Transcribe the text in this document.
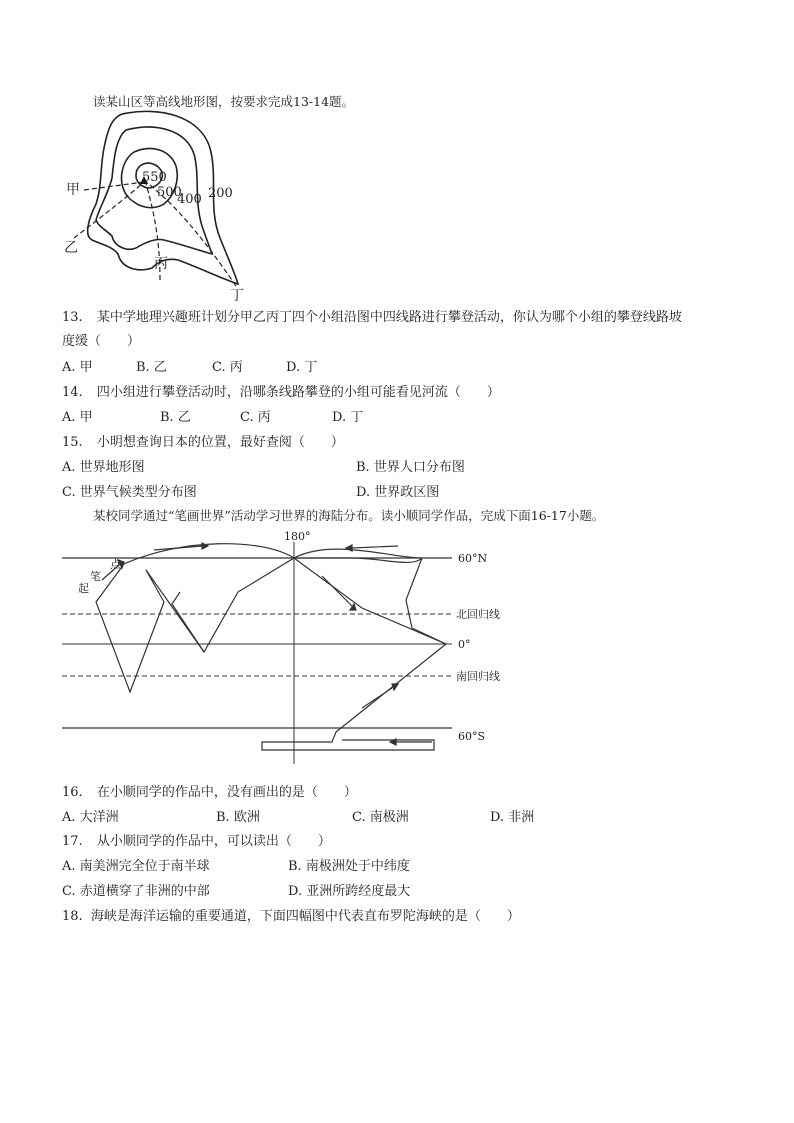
读某山区等高线地形图，按要求完成13-14题。
550
500
400 200
甲
乙
丙
丁
13. 某中学地理兴趣班计划分甲乙丙丁四个小组沿图中四线路进行攀登活动，你认为哪个小组的攀登线路坡
度缓（　　）
A. 甲	B. 乙	C. 丙	D. 丁
14. 四小组进行攀登活动时，沿哪条线路攀登的小组可能看见河流（　　）
A. 甲	B. 乙	C. 丙	D. 丁
15. 小明想查询日本的位置，最好查阅（　　）
A. 世界地形图	B. 世界人口分布图
C. 世界气候类型分布图	D. 世界政区图
某校同学通过“笔画世界”活动学习世界的海陆分布。读小顺同学作品，完成下面16-17小题。
180°
60°N
北回归线
0°
南回归线
60°S
点
笔
起
16. 在小顺同学的作品中，没有画出的是（　　）
A. 大洋洲	B. 欧洲	C. 南极洲	D. 非洲
17. 从小顺同学的作品中，可以读出（　　）
A. 南美洲完全位于南半球	B. 南极洲处于中纬度
C. 赤道横穿了非洲的中部	D. 亚洲所跨经度最大
18. 海峡是海洋运输的重要通道，下面四幅图中代表直布罗陀海峡的是（　　）
